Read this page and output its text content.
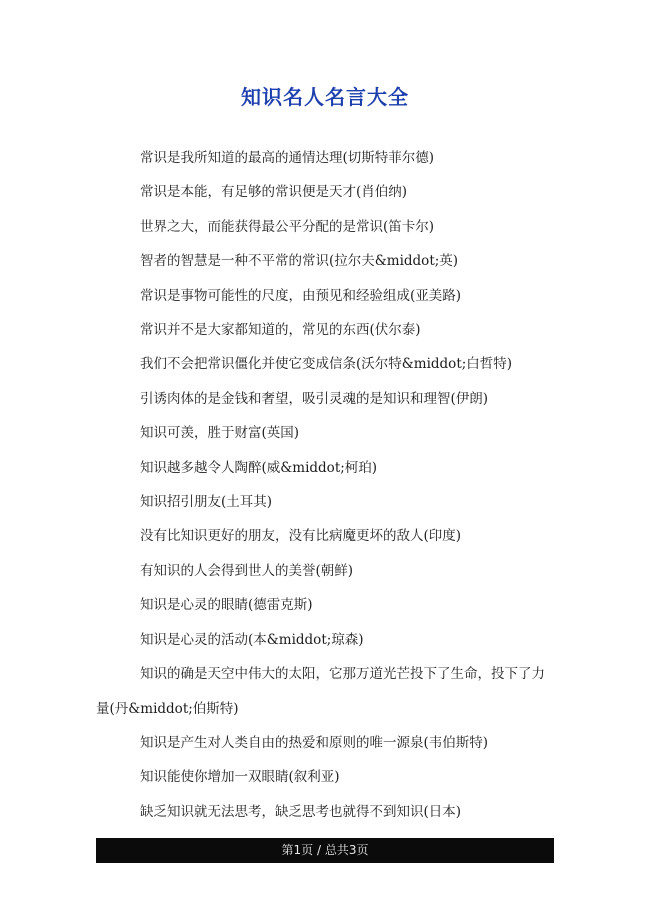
知识名人名言大全

常识是我所知道的最高的通情达理(切斯特菲尔德)

常识是本能，有足够的常识便是天才(肖伯纳)

世界之大，而能获得最公平分配的是常识(笛卡尔)

智者的智慧是一种不平常的常识(拉尔夫&middot;英)

常识是事物可能性的尺度，由预见和经验组成(亚美路)

常识并不是大家都知道的，常见的东西(伏尔泰)

我们不会把常识僵化并使它变成信条(沃尔特&middot;白哲特)

引诱肉体的是金钱和奢望，吸引灵魂的是知识和理智(伊朗)

知识可羡，胜于财富(英国)

知识越多越令人陶醉(威&middot;柯珀)

知识招引朋友(土耳其)

没有比知识更好的朋友，没有比病魔更坏的敌人(印度)

有知识的人会得到世人的美誉(朝鲜)

知识是心灵的眼睛(德雷克斯)

知识是心灵的活动(本&middot;琼森)

知识的确是天空中伟大的太阳，它那万道光芒投下了生命，投下了力量(丹&middot;伯斯特)

知识是产生对人类自由的热爱和原则的唯一源泉(韦伯斯特)

知识能使你增加一双眼睛(叙利亚)

缺乏知识就无法思考，缺乏思考也就得不到知识(日本)

第1页 / 总共3页
